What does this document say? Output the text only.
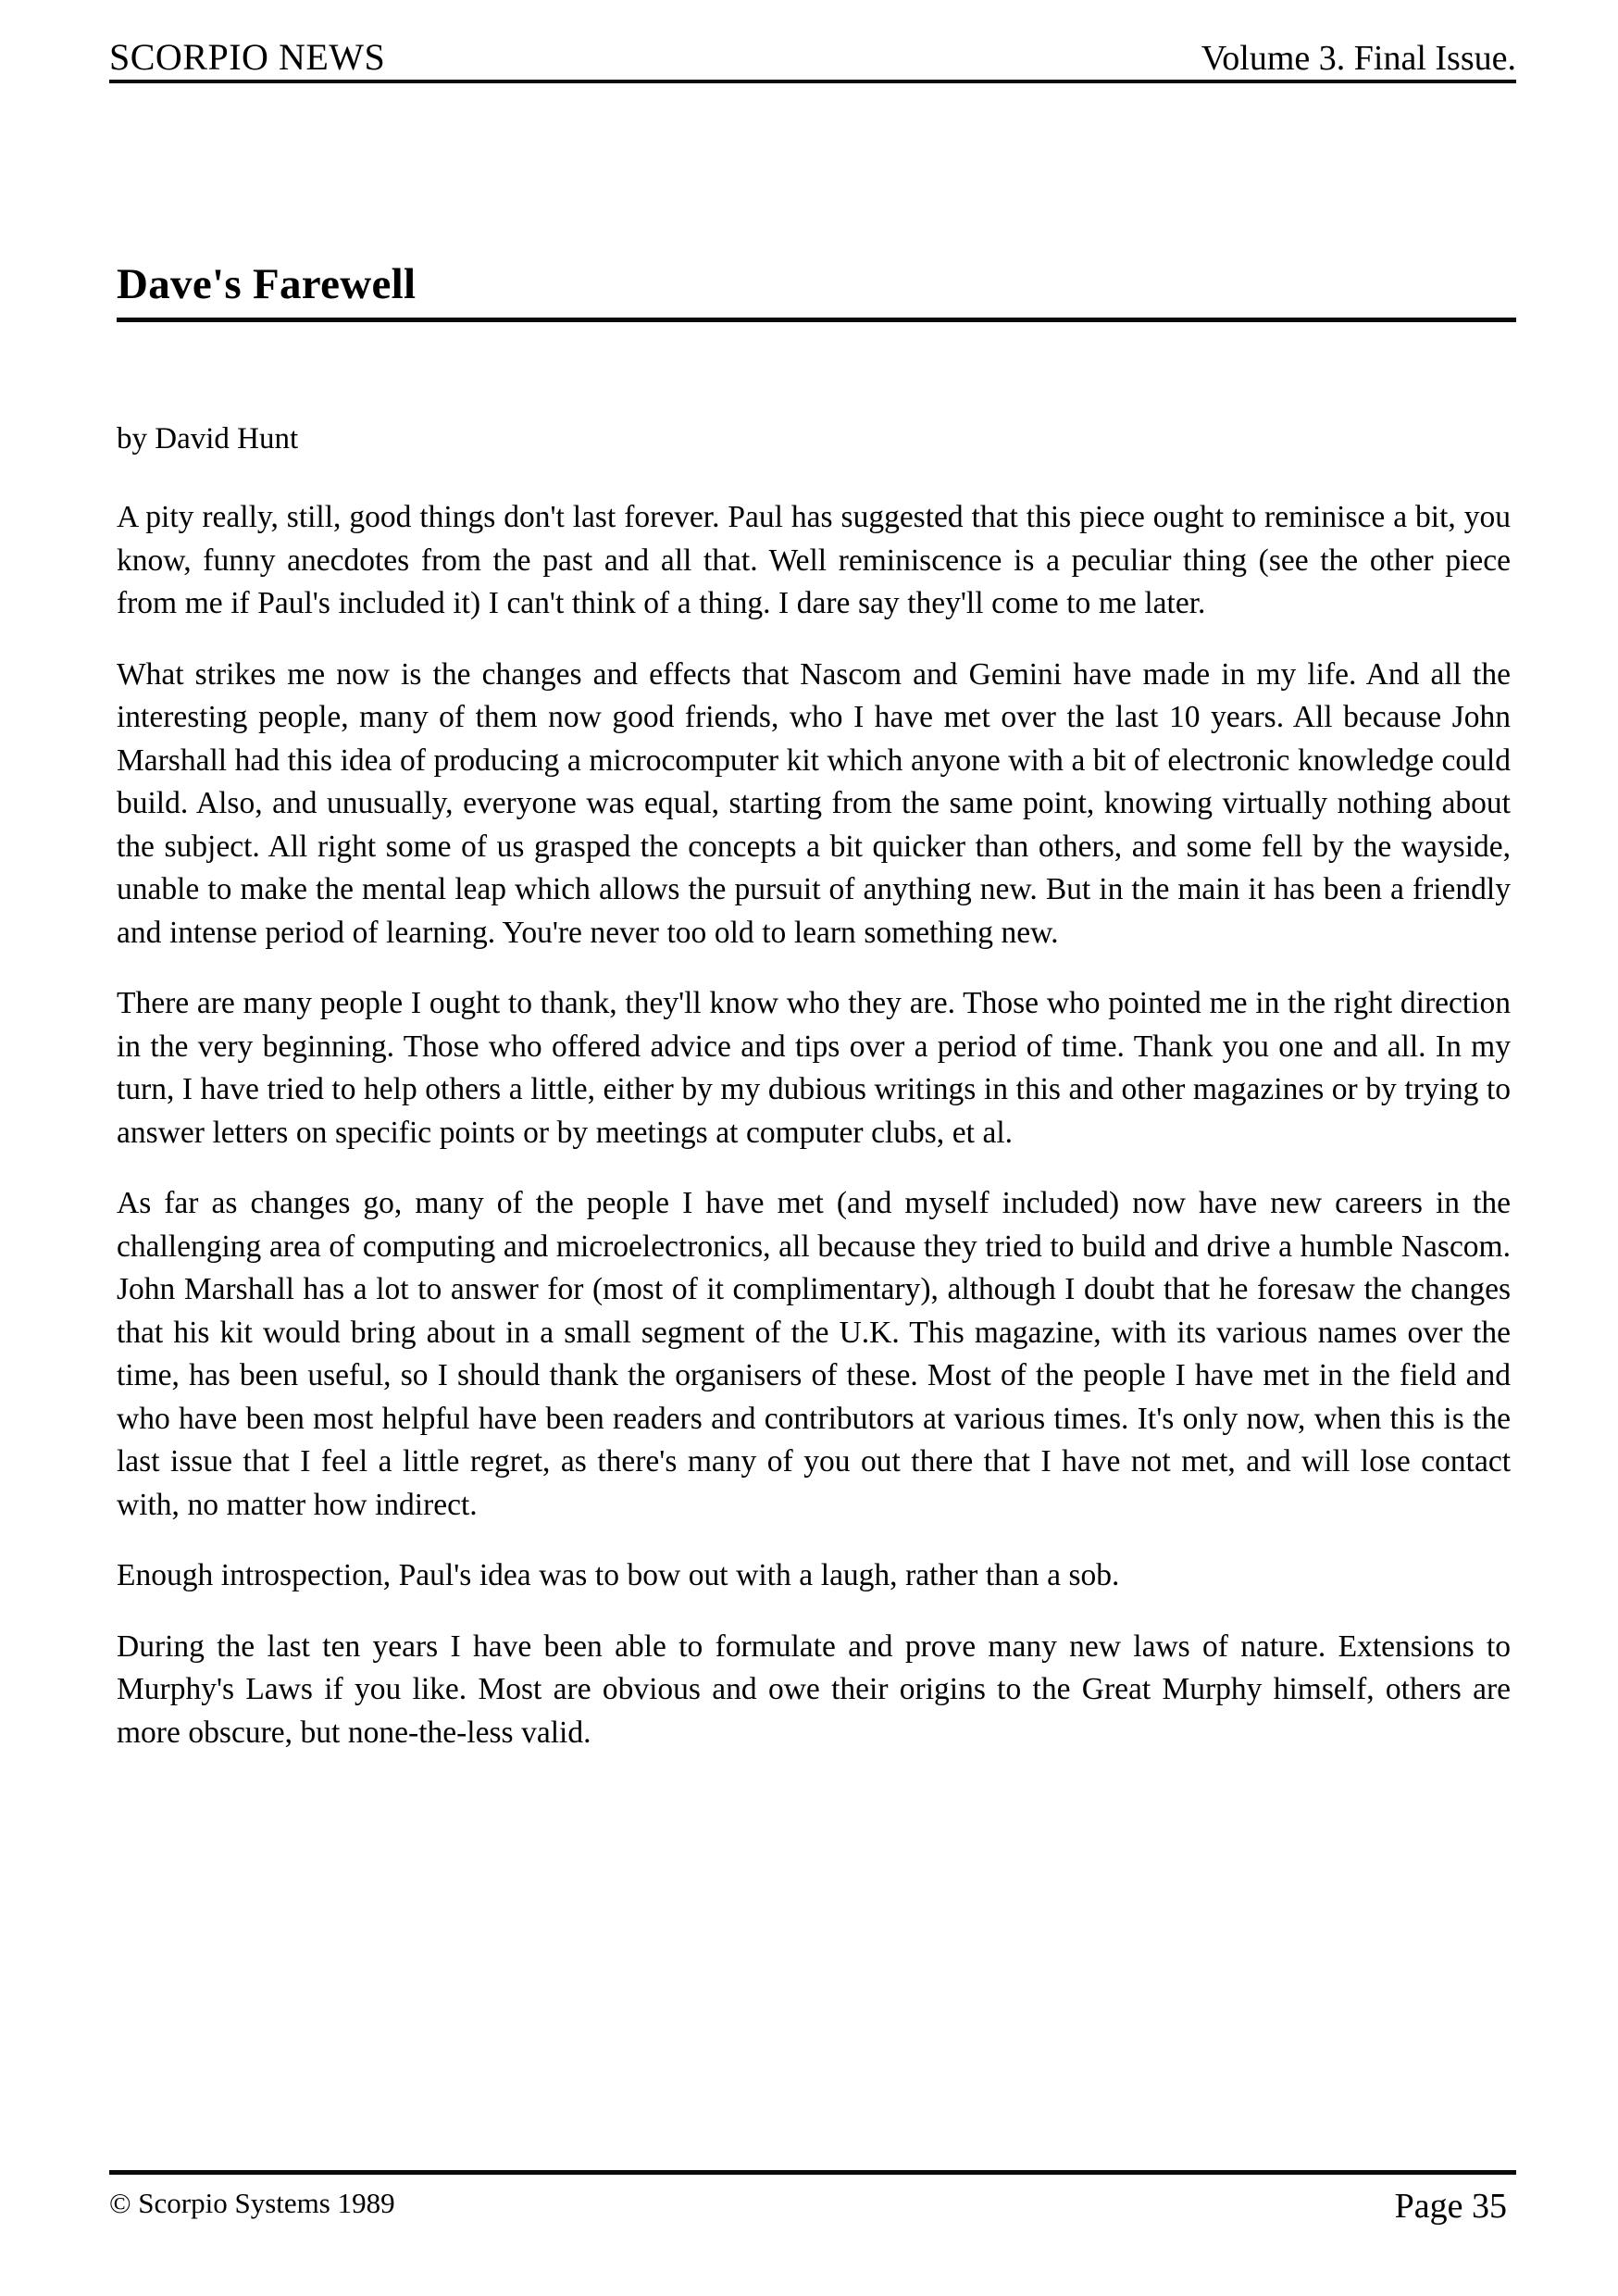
SCORPIO NEWS	Volume 3. Final Issue.
Dave's Farewell

by David Hunt

A pity really, still, good things don't last forever. Paul has suggested that this piece ought to reminisce a bit, you know, funny anecdotes from the past and all that. Well reminiscence is a peculiar thing (see the other piece from me if Paul's included it) I can't think of a thing. I dare say they'll come to me later.

What strikes me now is the changes and effects that Nascom and Gemini have made in my life. And all the interesting people, many of them now good friends, who I have met over the last 10 years. All because John Marshall had this idea of producing a microcomputer kit which anyone with a bit of electronic knowledge could build. Also, and unusually, everyone was equal, starting from the same point, knowing virtually nothing about the subject. All right some of us grasped the concepts a bit quicker than others, and some fell by the wayside, unable to make the mental leap which allows the pursuit of anything new. But in the main it has been a friendly and intense period of learning. You're never too old to learn something new.

There are many people I ought to thank, they'll know who they are. Those who pointed me in the right direction in the very beginning. Those who offered advice and tips over a period of time. Thank you one and all. In my turn, I have tried to help others a little, either by my dubious writings in this and other magazines or by trying to answer letters on specific points or by meetings at computer clubs, et al.

As far as changes go, many of the people I have met (and myself included) now have new careers in the challenging area of computing and microelectronics, all because they tried to build and drive a humble Nascom. John Marshall has a lot to answer for (most of it complimentary), although I doubt that he foresaw the changes that his kit would bring about in a small segment of the U.K. This magazine, with its various names over the time, has been useful, so I should thank the organisers of these. Most of the people I have met in the field and who have been most helpful have been readers and contributors at various times. It's only now, when this is the last issue that I feel a little regret, as there's many of you out there that I have not met, and will lose contact with, no matter how indirect.

Enough introspection, Paul's idea was to bow out with a laugh, rather than a sob.

During the last ten years I have been able to formulate and prove many new laws of nature. Extensions to Murphy's Laws if you like. Most are obvious and owe their origins to the Great Murphy himself, others are more obscure, but none-the-less valid.

© Scorpio Systems 1989	Page 35
